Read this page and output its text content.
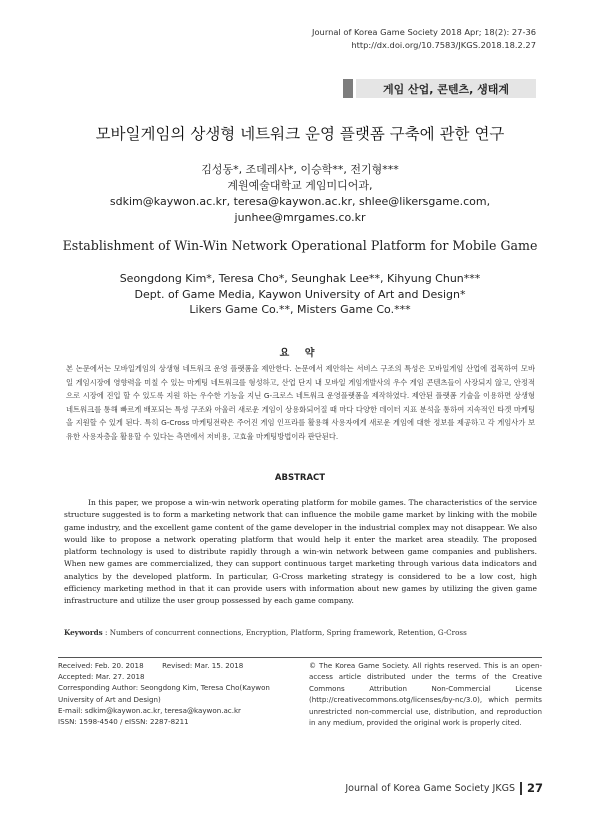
Journal of Korea Game Society 2018 Apr; 18(2): 27-36
http://dx.doi.org/10.7583/JKGS.2018.18.2.27
게임 산업, 콘텐츠, 생태계
모바일게임의 상생형 네트워크 운영 플랫폼 구축에 관한 연구
김성동*, 조데레사*, 이승학**, 전기형***
계원예술대학교 게임미디어과,
sdkim@kaywon.ac.kr, teresa@kaywon.ac.kr, shlee@likersgame.com,
junhee@mrgames.co.kr
Establishment of Win-Win Network Operational Platform for Mobile Game
Seongdong Kim*, Teresa Cho*, Seunghak Lee**, Kihyung Chun***
Dept. of Game Media, Kaywon University of Art and Design*
Likers Game Co.**, Misters Game Co.***
요 약
본 논문에서는 모바일게임의 상생형 네트워크 운영 플랫폼을 제안한다. 논문에서 제안하는 서비스 구조의 특성은 모바일게임 산업에 접목하여 모바일 게임시장에 영향력을 미칠 수 있는 마케팅 네트워크를 형성하고, 산업 단지 내 모바일 게임개발사의 우수 게임 콘텐츠들이 사장되지 않고, 안정적으로 시장에 진입 할 수 있도록 지원 하는 우수한 기능을 지닌 G-크로스 네트워크 운영플랫폼을 제작하였다. 제안된 플랫폼 기술을 이용하면 상생형 네트워크를 통해 빠르게 배포되는 특성 구조와 아울러 새로운 게임이 상용화되어질 때 마다 다양한 데이터 지표 분석을 통하여 지속적인 타겟 마케팅을 지원할 수 있게 된다. 특히 G-Cross 마케팅전략은 주어진 게임 인프라를 활용해 사용자에게 새로운 게임에 대한 정보를 제공하고 각 게임사가 보유한 사용자층을 활용할 수 있다는 측면에서 저비용, 고효율 마케팅방법이라 판단된다.
ABSTRACT

In this paper, we propose a win-win network operating platform for mobile games. The characteristics of the service structure suggested is to form a marketing network that can influence the mobile game market by linking with the mobile game industry, and the excellent game content of the game developer in the industrial complex may not disappear. We also would like to propose a network operating platform that would help it enter the market area steadily. The proposed platform technology is used to distribute rapidly through a win-win network between game companies and publishers. When new games are commercialized, they can support continuous target marketing through various data indicators and analytics by the developed platform. In particular, G-Cross marketing strategy is considered to be a low cost, high efficiency marketing method in that it can provide users with information about new games by utilizing the given game infrastructure and utilize the user group possessed by each game company.

Keywords : Numbers of concurrent connections, Encryption, Platform, Spring framework, Retention, G-Cross
Received: Feb. 20. 2018	Revised: Mar. 15. 2018
Accepted: Mar. 27. 2018
Corresponding Author: Seongdong Kim, Teresa Cho(Kaywon
University of Art and Design)
E-mail: sdkim@kaywon.ac.kr, teresa@kaywon.ac.kr
ISSN: 1598-4540 / eISSN: 2287-8211
© The Korea Game Society. All rights reserved. This is an open-access article distributed under the terms of the Creative Commons Attribution Non-Commercial License (http://creativecommons.otg/licenses/by-nc/3.0), which permits unrestricted non-commercial use, distribution, and reproduction in any medium, provided the original work is properly cited.
Journal of Korea Game Society JKGS 27
